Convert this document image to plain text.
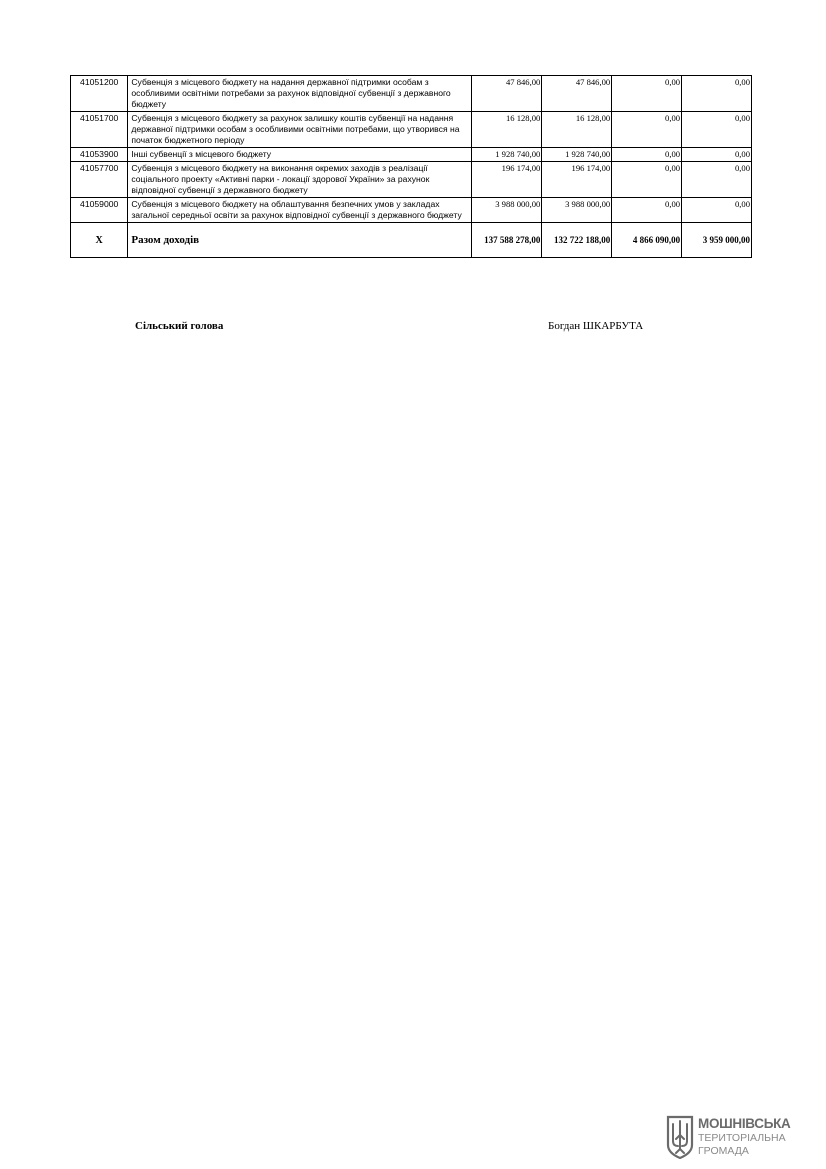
41051200	Субвенція з місцевого бюджету на надання державної підтримки особам з особливими освітніми потребами за рахунок відповідної субвенції з державного бюджету	47 846,00	47 846,00	0,00	0,00
41051700	Субвенція з місцевого бюджету за рахунок залишку коштів субвенції на надання державної підтримки особам з особливими освітніми потребами, що утворився на початок бюджетного періоду	16 128,00	16 128,00	0,00	0,00
41053900	Інші субвенції з місцевого бюджету	1 928 740,00	1 928 740,00	0,00	0,00
41057700	Субвенція з місцевого бюджету на виконання окремих заходів з реалізації соціального проекту «Активні парки - локації здорової України» за рахунок відповідної субвенції з державного бюджету	196 174,00	196 174,00	0,00	0,00
41059000	Субвенція з місцевого бюджету на облаштування безпечних умов у закладах загальної середньої освіти за рахунок відповідної субвенції з державного бюджету	3 988 000,00	3 988 000,00	0,00	0,00
X	Разом доходів	137 588 278,00	132 722 188,00	4 866 090,00	3 959 000,00
Сільський голова	Богдан ШКАРБУТА
МОШНІВСЬКА
ТЕРИТОРІАЛЬНА
ГРОМАДА
